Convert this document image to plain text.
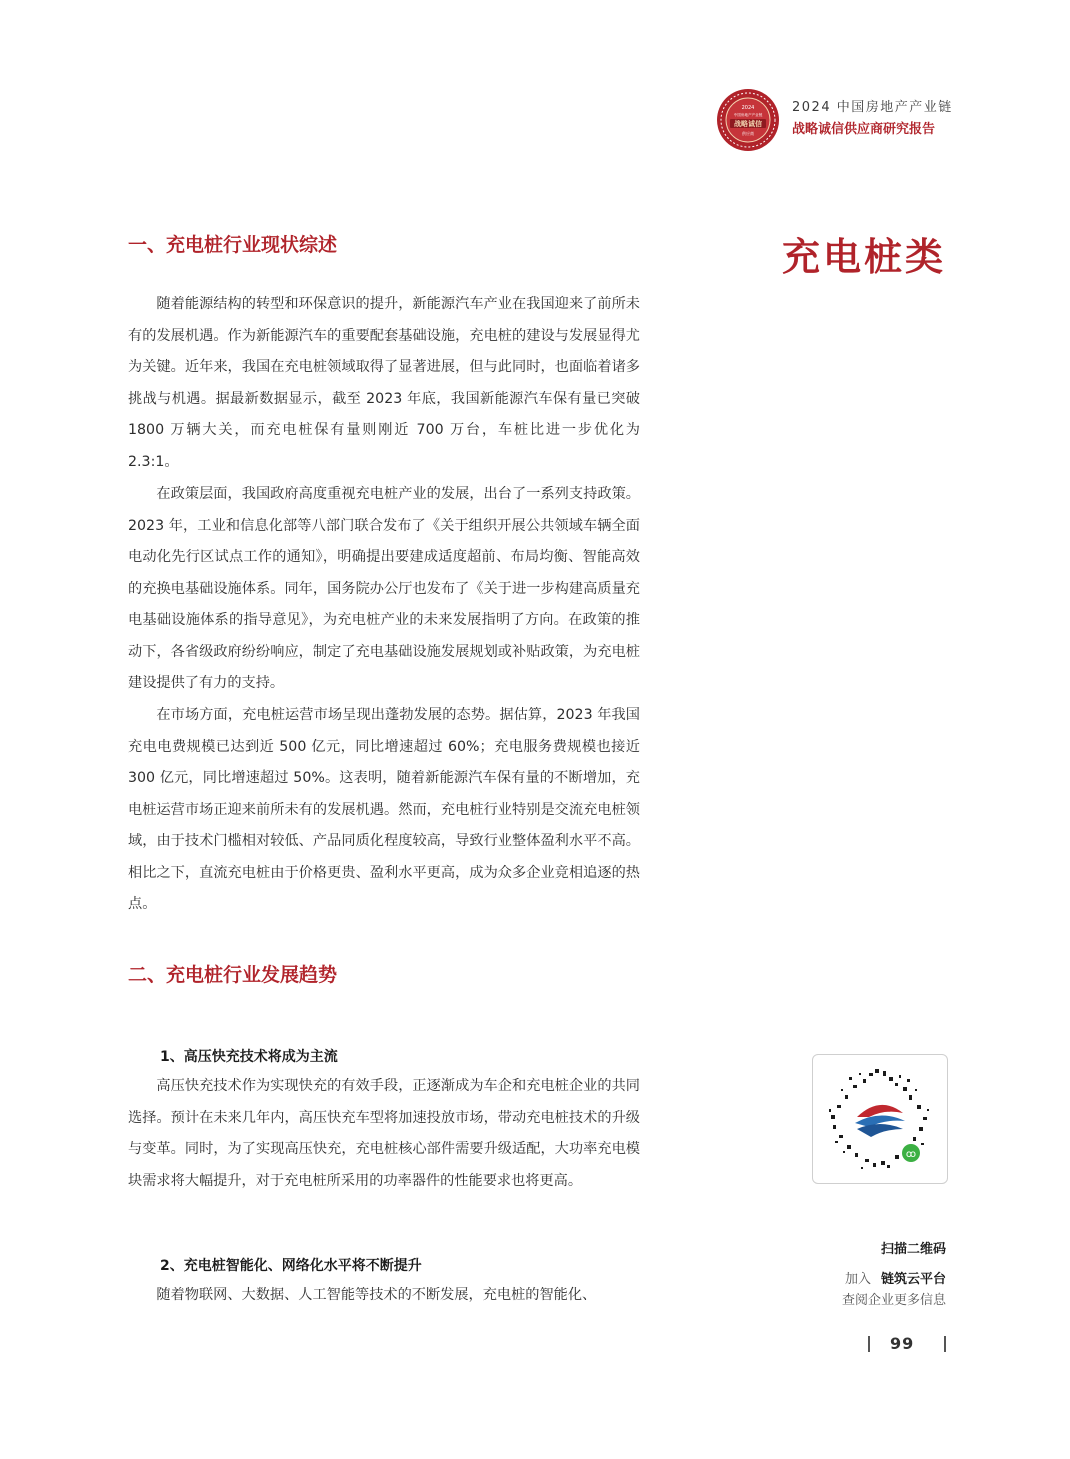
2024
中国房地产产业链
战略诚信
供应商
2024 中国房地产产业链
战略诚信供应商研究报告
充电桩类
一、充电桩行业现状综述

随着能源结构的转型和环保意识的提升，新能源汽车产业在我国迎来了前所未有的发展机遇。作为新能源汽车的重要配套基础设施，充电桩的建设与发展显得尤为关键。近年来，我国在充电桩领域取得了显著进展，但与此同时，也面临着诸多挑战与机遇。据最新数据显示，截至 2023 年底，我国新能源汽车保有量已突破 1800 万辆大关，而充电桩保有量则刚近 700 万台，车桩比进一步优化为 2.3:1。

在政策层面，我国政府高度重视充电桩产业的发展，出台了一系列支持政策。2023 年，工业和信息化部等八部门联合发布了《关于组织开展公共领域车辆全面电动化先行区试点工作的通知》，明确提出要建成适度超前、布局均衡、智能高效的充换电基础设施体系。同年，国务院办公厅也发布了《关于进一步构建高质量充电基础设施体系的指导意见》，为充电桩产业的未来发展指明了方向。在政策的推动下，各省级政府纷纷响应，制定了充电基础设施发展规划或补贴政策，为充电桩建设提供了有力的支持。

在市场方面，充电桩运营市场呈现出蓬勃发展的态势。据估算，2023 年我国充电电费规模已达到近 500 亿元，同比增速超过 60%；充电服务费规模也接近 300 亿元，同比增速超过 50%。这表明，随着新能源汽车保有量的不断增加，充电桩运营市场正迎来前所未有的发展机遇。然而，充电桩行业特别是交流充电桩领域，由于技术门槛相对较低、产品同质化程度较高，导致行业整体盈利水平不高。相比之下，直流充电桩由于价格更贵、盈利水平更高，成为众多企业竞相追逐的热点。

二、充电桩行业发展趋势
1、高压快充技术将成为主流

高压快充技术作为实现快充的有效手段，正逐渐成为车企和充电桩企业的共同选择。预计在未来几年内，高压快充车型将加速投放市场，带动充电桩技术的升级与变革。同时，为了实现高压快充，充电桩核心部件需要升级适配，大功率充电模块需求将大幅提升，对于充电桩所采用的功率器件的性能要求也将更高。

2、充电桩智能化、网络化水平将不断提升

随着物联网、大数据、人工智能等技术的不断发展，充电桩的智能化、

ꝏ
扫描二维码
加入 链筑云平台
查阅企业更多信息
99
